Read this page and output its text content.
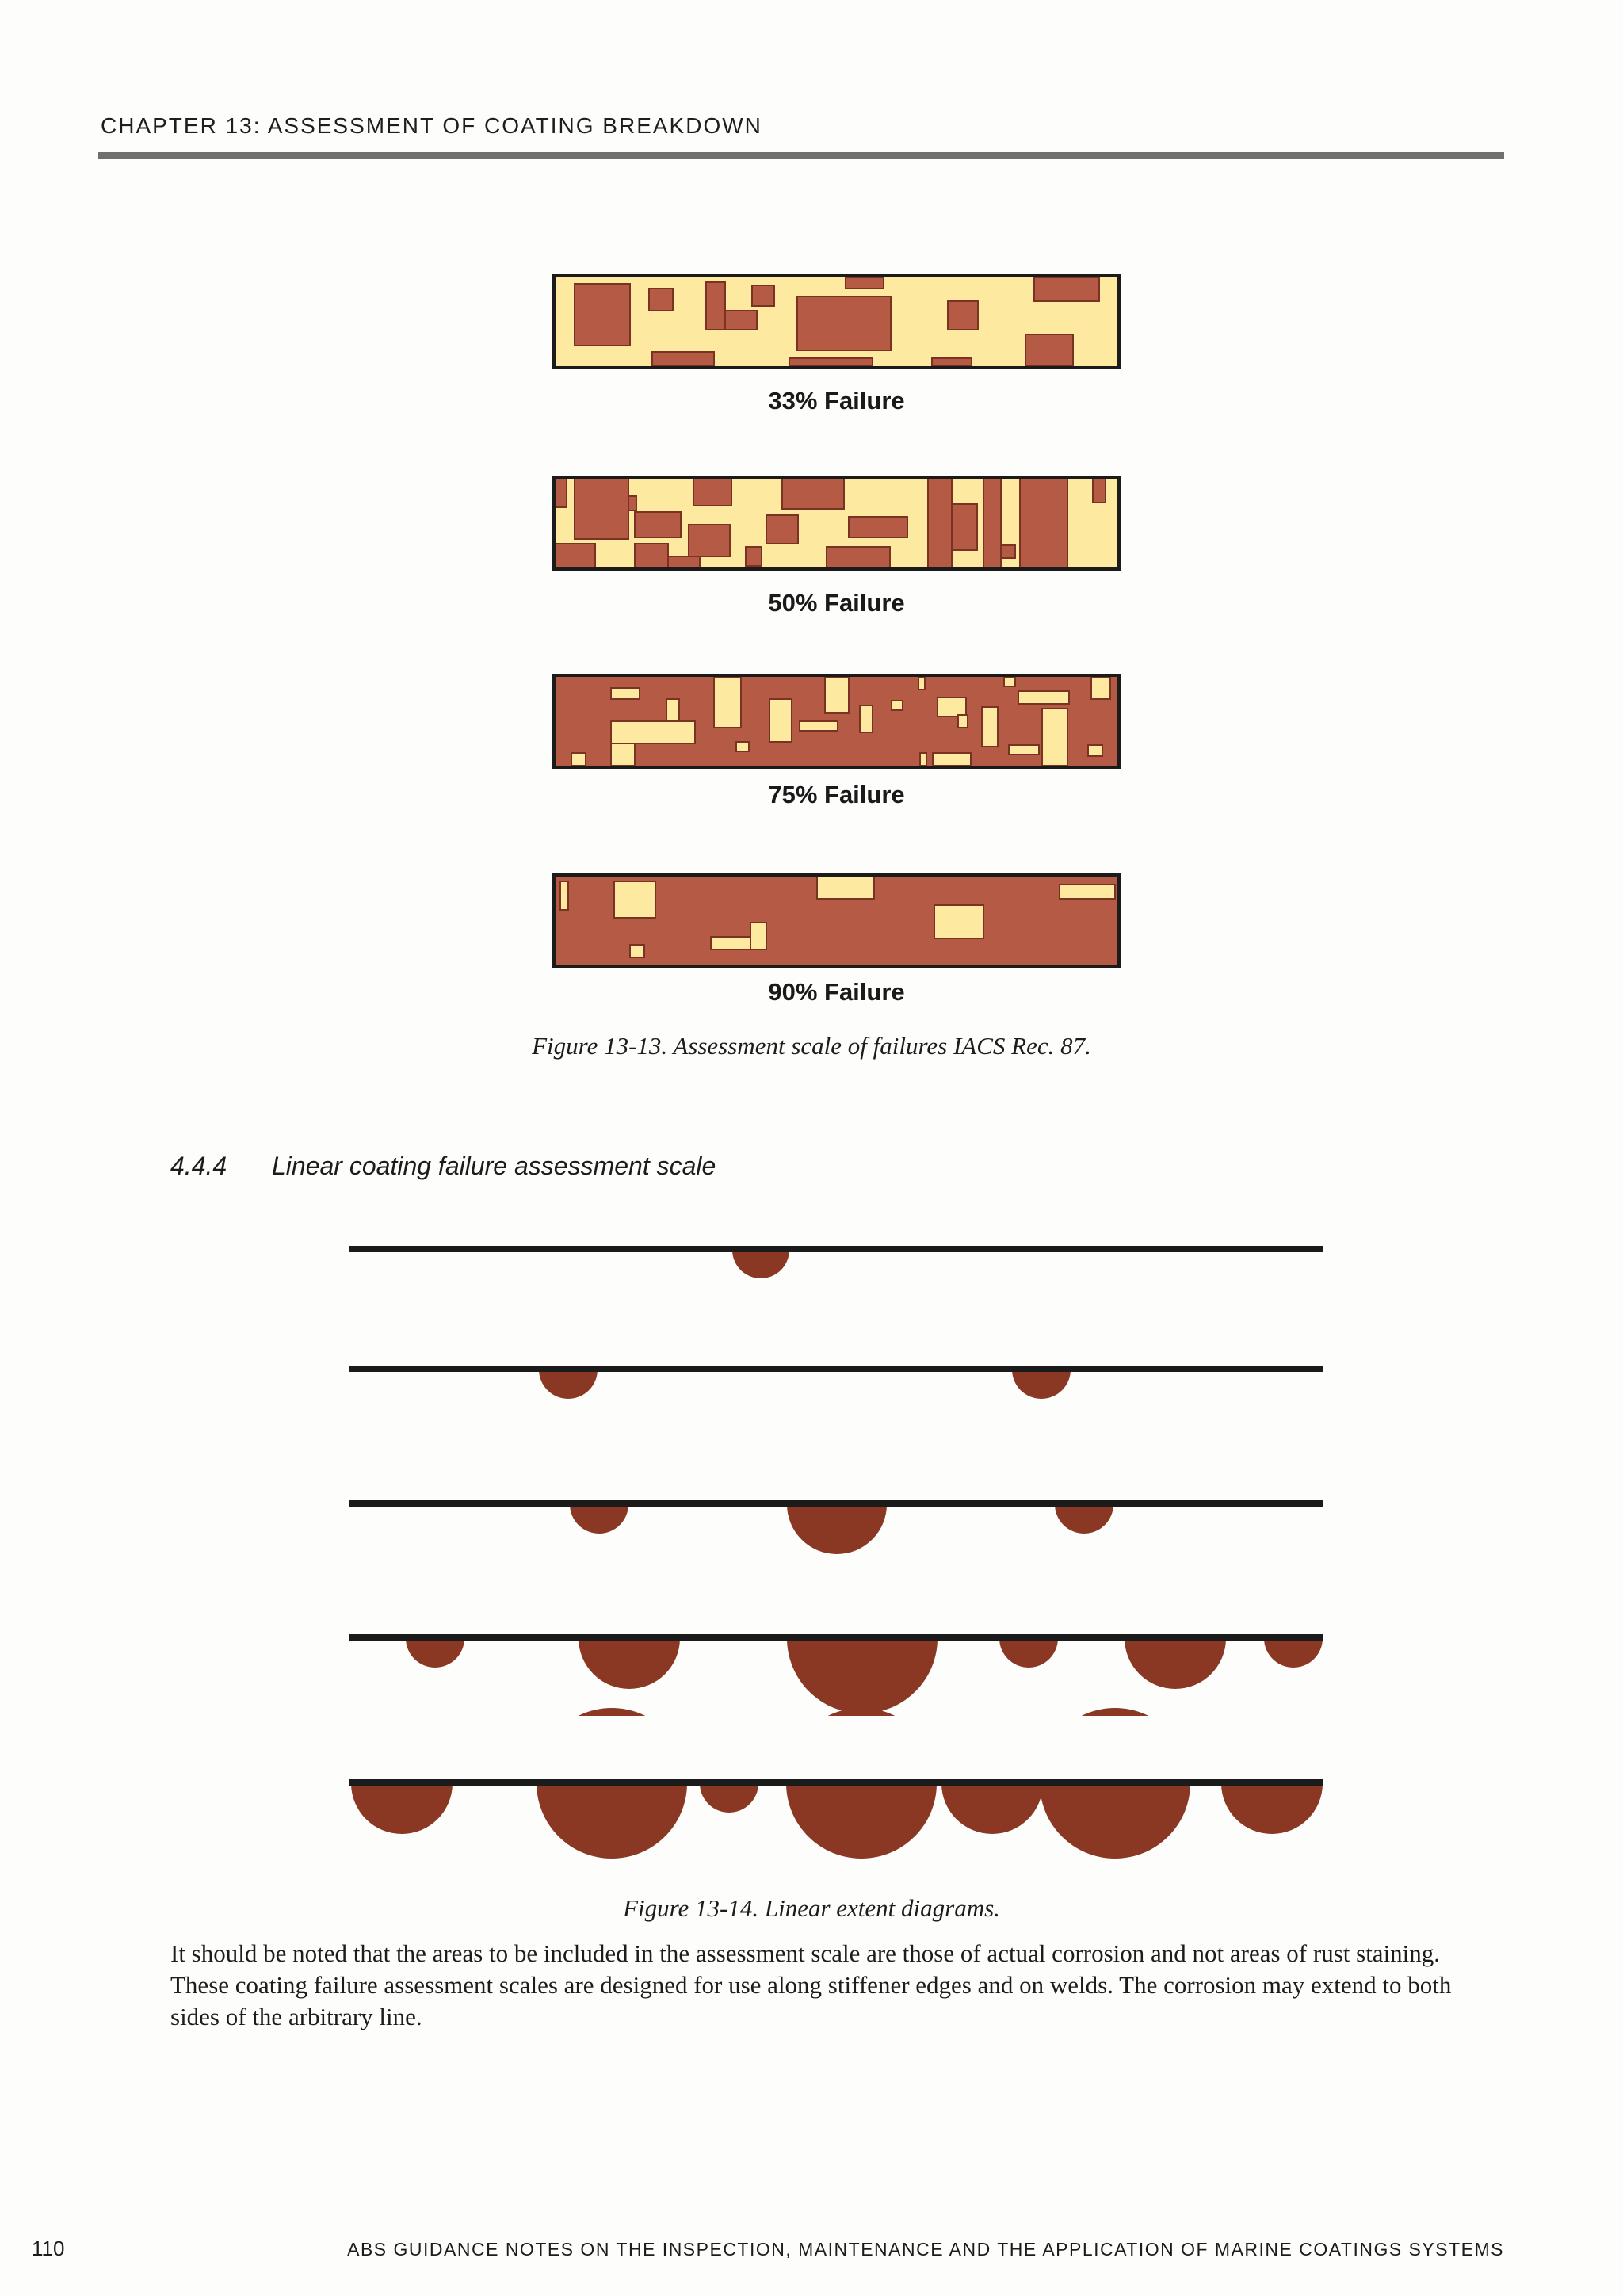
CHAPTER 13: ASSESSMENT OF COATING BREAKDOWN
33% Failure
50% Failure
75% Failure
90% Failure
Figure 13-13. Assessment scale of failures IACS Rec. 87.
4.4.4 Linear coating failure assessment scale
Figure 13-14. Linear extent diagrams.
It should be noted that the areas to be included in the assessment scale are those of actual corrosion and not areas of rust staining. These coating failure assessment scales are designed for use along stiffener edges and on welds. The corrosion may extend to both sides of the arbitrary line.
110	ABS GUIDANCE NOTES ON THE INSPECTION, MAINTENANCE AND THE APPLICATION OF MARINE COATINGS SYSTEMS
